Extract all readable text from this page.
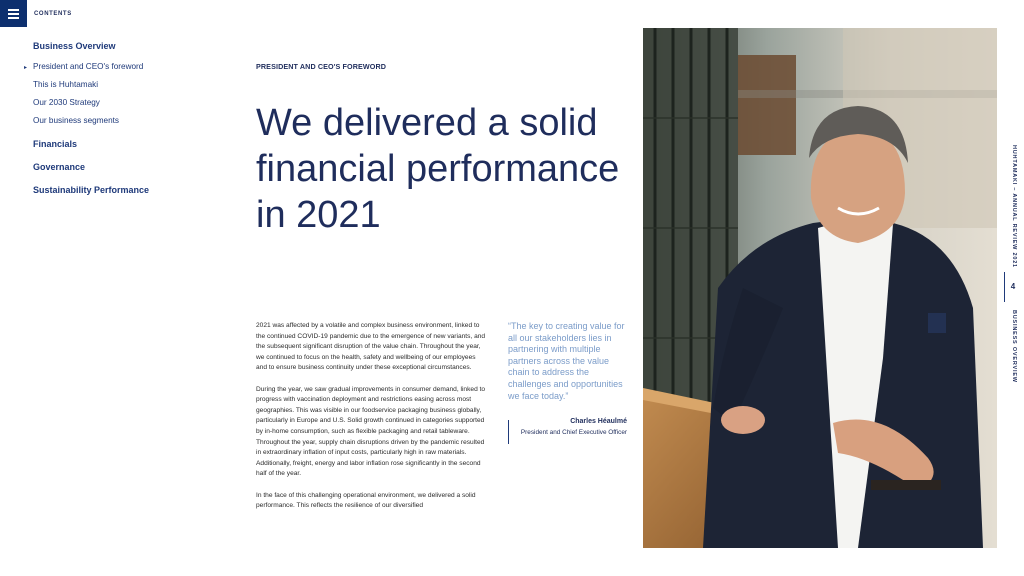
CONTENTS
Business Overview
▸ President and CEO's foreword
This is Huhtamaki
Our 2030 Strategy
Our business segments
Financials
Governance
Sustainability Performance
PRESIDENT AND CEO'S FOREWORD
We delivered a solid
financial performance
in 2021

2021 was affected by a volatile and complex business environment, linked to the continued COVID-19 pandemic due to the emergence of new variants, and the subsequent significant disruption of the value chain. Throughout the year, we continued to focus on the health, safety and wellbeing of our employees and to ensure business continuity under these exceptional circumstances.

During the year, we saw gradual improvements in consumer demand, linked to progress with vaccination deployment and restrictions easing across most geographies. This was visible in our foodservice packaging business globally, particularly in Europe and U.S. Solid growth continued in categories supported by in-home consumption, such as flexible packaging and retail tableware. Throughout the year, supply chain disruptions driven by the pandemic resulted in extraordinary inflation of input costs, particularly high in raw materials. Additionally, freight, energy and labor inflation rose significantly in the second half of the year.

In the face of this challenging operational environment, we delivered a solid performance. This reflects the resilience of our diversified

“The key to creating value for all our stakeholders lies in partnering with multiple partners across the value chain to address the challenges and opportunities we face today.”
Charles Héaulmé
President and Chief Executive Officer
HUHTAMAKI – ANNUAL REVIEW 2021
4
BUSINESS OVERVIEW
